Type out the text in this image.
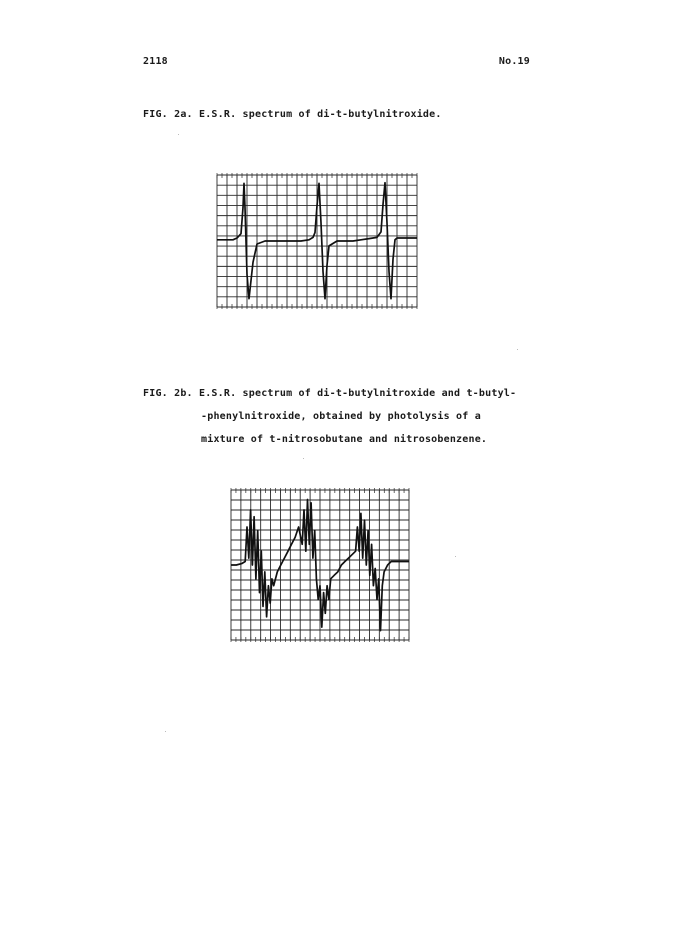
2118	No.19
FIG. 2a. E.S.R. spectrum of di-t-butylnitroxide.
FIG. 2b. E.S.R. spectrum of di-t-butylnitroxide and t-butyl-
-phenylnitroxide, obtained by photolysis of a
mixture of t-nitrosobutane and nitrosobenzene.
